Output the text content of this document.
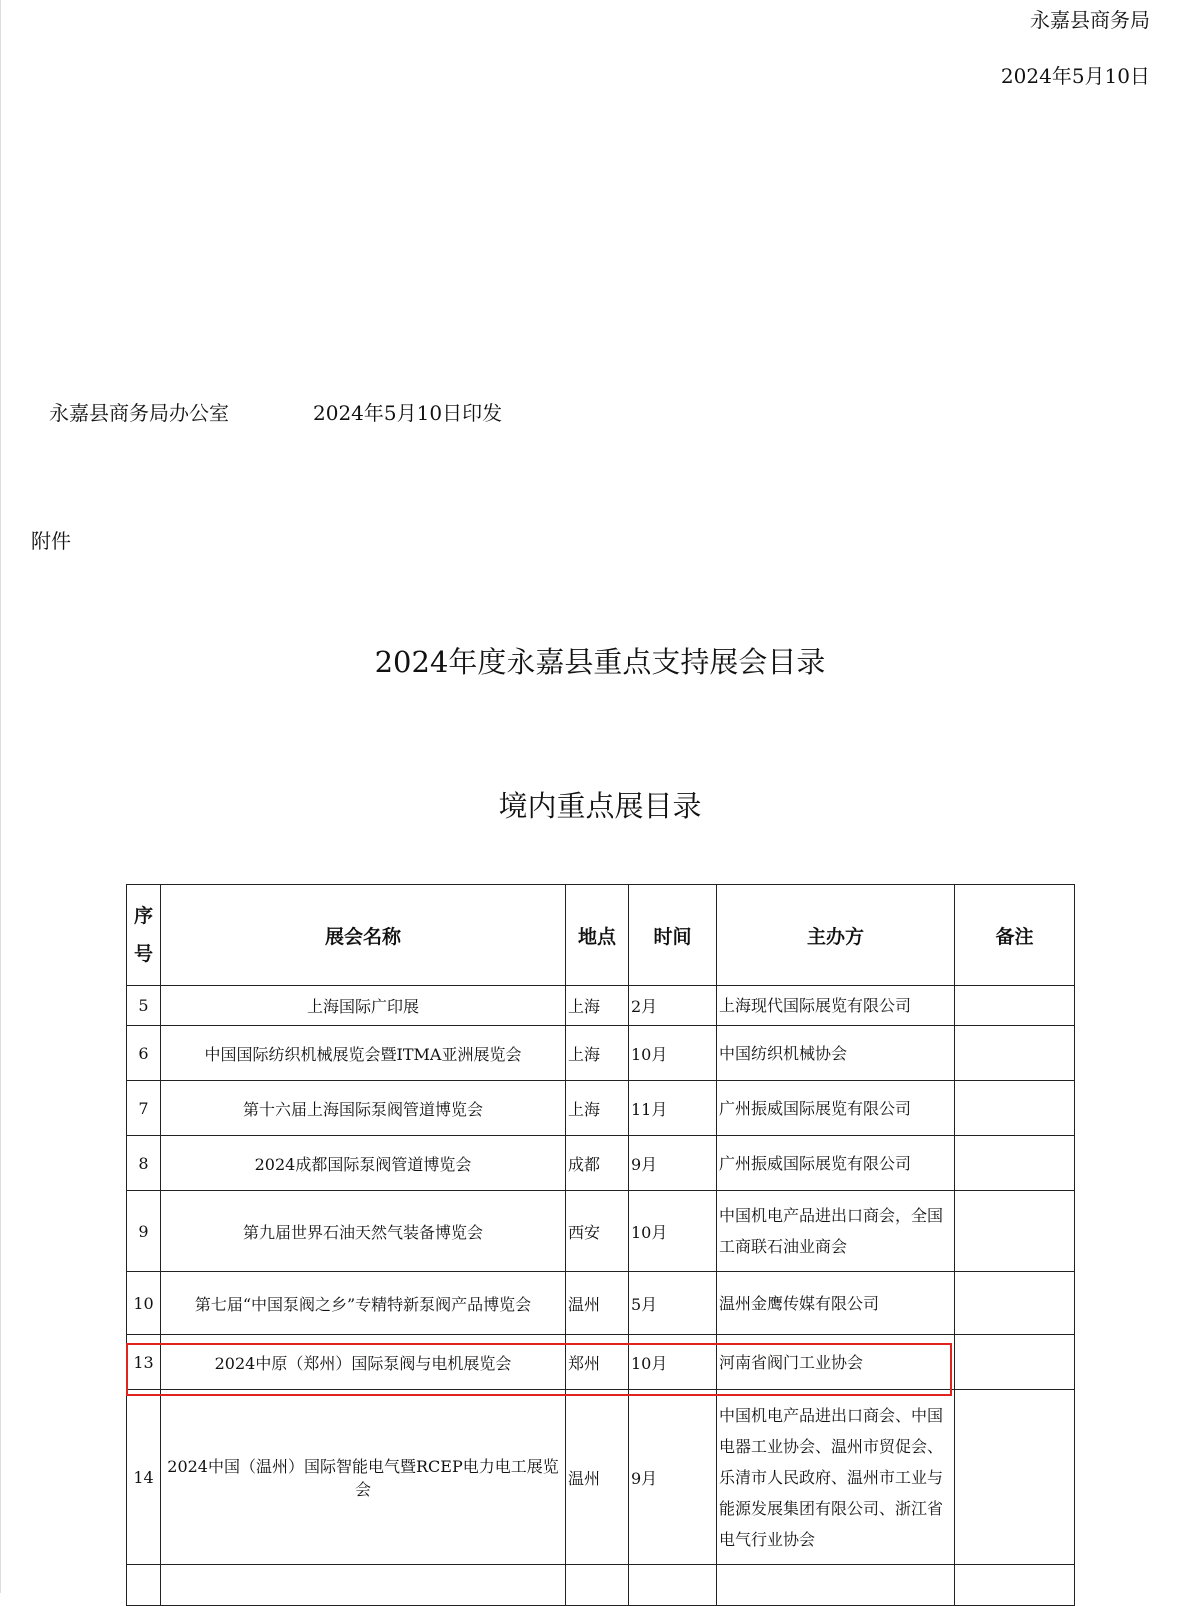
永嘉县商务局
2024年5月10日
永嘉县商务局办公室	2024年5月10日印发
附件
2024年度永嘉县重点支持展会目录
境内重点展目录
序
号	展会名称	地点	时间	主办方	备注
5	上海国际广印展	上海	2月	上海现代国际展览有限公司	
6	中国国际纺织机械展览会暨ITMA亚洲展览会	上海	10月	中国纺织机械协会	
7	第十六届上海国际泵阀管道博览会	上海	11月	广州振威国际展览有限公司	
8	2024成都国际泵阀管道博览会	成都	9月	广州振威国际展览有限公司	
9	第九届世界石油天然气装备博览会	西安	10月	中国机电产品进出口商会，全国
工商联石油业商会	
10	第七届“中国泵阀之乡”专精特新泵阀产品博览会	温州	5月	温州金鹰传媒有限公司	
13	2024中原（郑州）国际泵阀与电机展览会	郑州	10月	河南省阀门工业协会	
14	2024中国（温州）国际智能电气暨RCEP电力电工展览会	温州	9月	中国机电产品进出口商会、中国
电器工业协会、温州市贸促会、
乐清市人民政府、温州市工业与
能源发展集团有限公司、浙江省
电气行业协会	
